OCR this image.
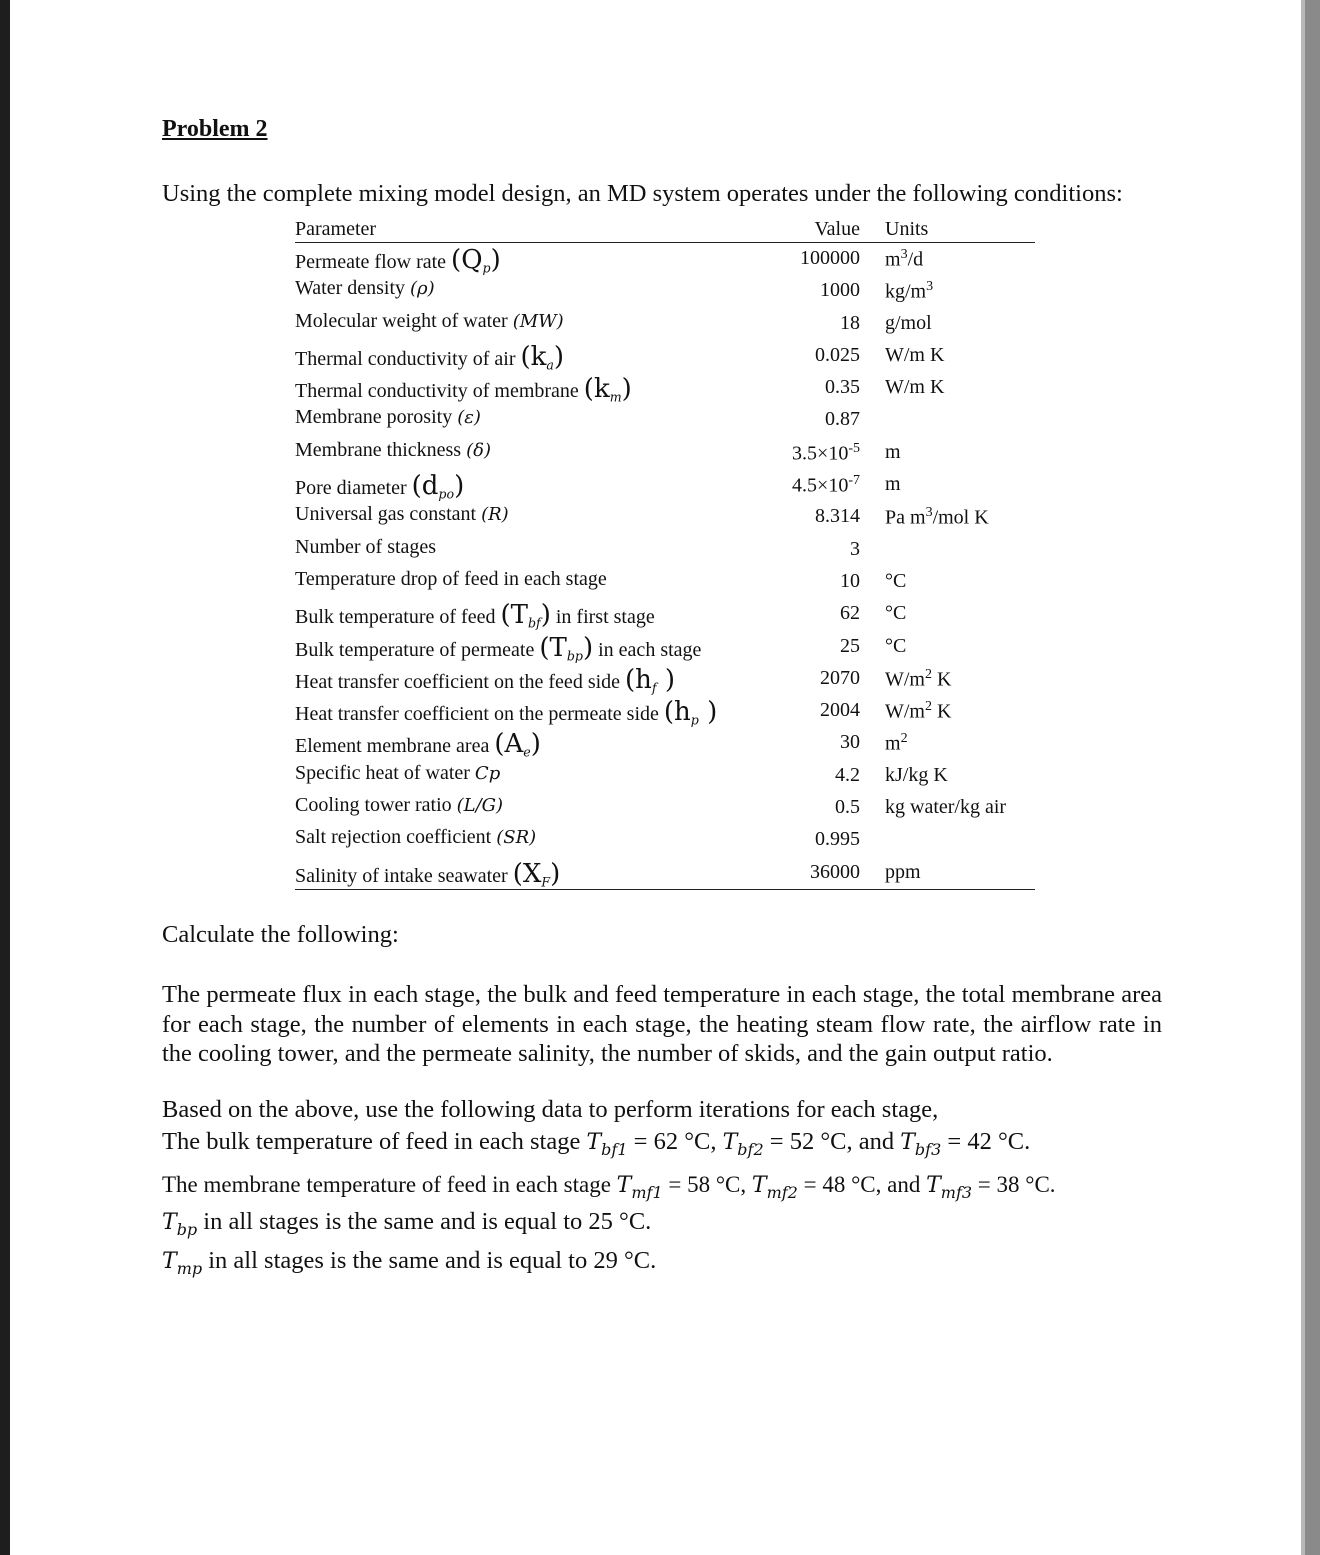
Problem 2
Using the complete mixing model design, an MD system operates under the following conditions:
Parameter	Value Units
Permeate flow rate $(Q_p)$	100000 $m^3/d$
Water density (ρ)	1000 $kg/m^3$
Molecular weight of water (MW)	18 g/mol
Thermal conductivity of air $(k_a)$	0.025 W/m K
Thermal conductivity of membrane $(k_m)$	0.35 W/m K
Membrane porosity (ε)	0.87
Membrane thickness (δ)	$3.5\times 10^{-5}$ m
Pore diameter $(d_{po})$	$4.5\times 10^{-7}$ m
Universal gas constant (R)	8.314 Pa $m^3$/mol K
Number of stages	3
Temperature drop of feed in each stage	10 °C
Bulk temperature of feed $(T_{bf})$ in first stage	62 °C
Bulk temperature of permeate $(T_{bp})$ in each stage	25 °C
Heat transfer coefficient on the feed side ($h_f$ )	2070 $W/m^2$ K
Heat transfer coefficient on the permeate side ($h_p$ )	2004 $W/m^2$ K
Element membrane area $(A_e)$	30 $m^2$
Specific heat of water Cp	4.2 kJ/kg K
Cooling tower ratio (L/G)	0.5 kg water/kg air
Salt rejection coefficient (SR)	0.995
Salinity of intake seawater $(X_F)$	36000 ppm
Calculate the following:

The permeate flux in each stage, the bulk and feed temperature in each stage, the total membrane area for each stage, the number of elements in each stage, the heating steam flow rate, the airflow rate in the cooling tower, and the permeate salinity, the number of skids, and the gain output ratio.

Based on the above, use the following data to perform iterations for each stage,
The bulk temperature of feed in each stage $T_{bf1} = 62$ °C, $T_{bf2} = 52$ °C, and $T_{bf3} = 42$ °C.
The membrane temperature of feed in each stage $T_{mf1} = 58$ °C, $T_{mf2} = 48$ °C, and $T_{mf3} = 38$ °C.
$T_{bp}$ in all stages is the same and is equal to 25 °C.
$T_{mp}$ in all stages is the same and is equal to 29 °C.
